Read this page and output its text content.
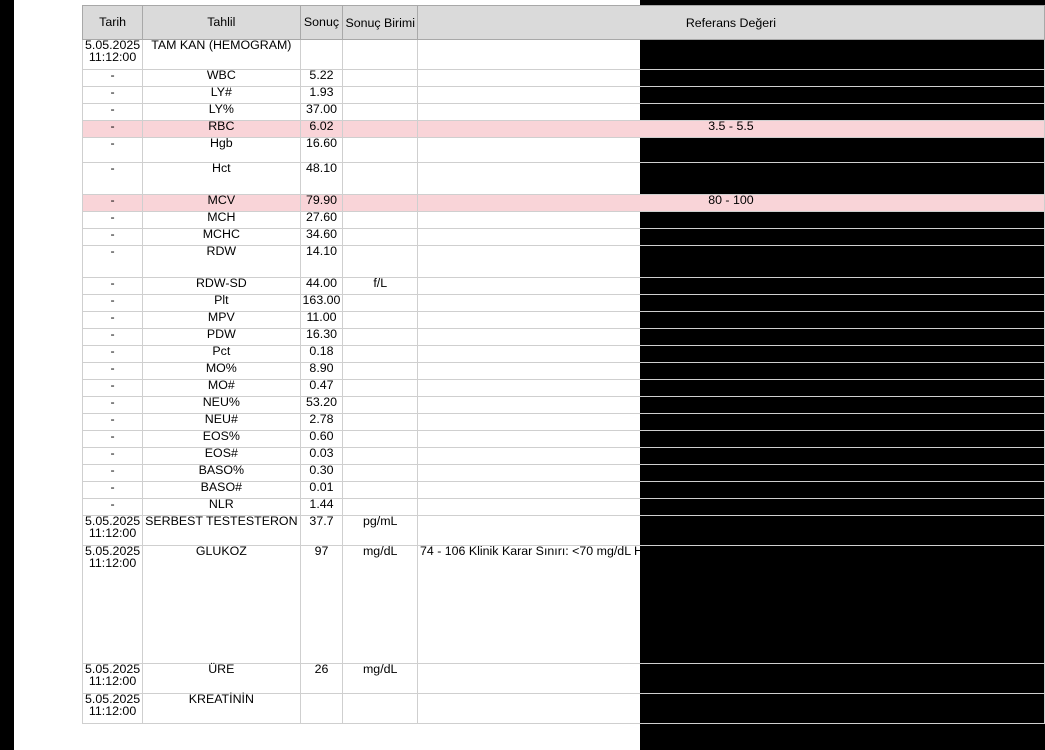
Tarih	Tahlil	Sonuç	Sonuç Birimi	Referans Değeri
5.05.2025
11:12:00	TAM KAN (HEMOGRAM)			
-	WBC	5.22		4 - 10
-	LY#	1.93		0.8 - 4
-	LY%	37.00		20 - 40
-	RBC	6.02		3.5 - 5.5
-	Hgb	16.60		11 - 18
-	Hct	48.10		32 - 54
-	MCV	79.90		80 - 100
-	MCH	27.60		27 - 34
-	MCHC	34.60		32 - 36
-	RDW	14.10		11 - 16
-	RDW-SD	44.00	f/L	35 - 56
-	Plt	163.00		100 - 400
-	MPV	11.00		6.5 - 12
-	PDW	16.30		15 - 17
-	Pct	0.18		0.1 - 0.4
-	MO%	8.90		3 - 12
-	MO#	0.47		0.12 - 1.2
-	NEU%	53.20		50 - 70
-	NEU#	2.78		2 - 7
-	EOS%	0.60		0.5 - 5
-	EOS#	0.03		0.02 - 0.50
-	BASO%	0.30		0 - 1
-	BASO#	0.01		0 - 0.1
-	NLR	1.44		0.0 - 3.13
5.05.2025
11:12:00	SERBEST TESTESTERON	37.7	pg/mL	15 - 50
5.05.2025
11:12:00	GLUKOZ	97	mg/dL	74 - 106 Klinik Karar Sınırı: <70 mg/dL Hipoglisemi, 100-125 mg/dL Bozulmuş açlık glukozu, >126 mg/dL Diyabet.
5.05.2025
11:12:00	ÜRE	26	mg/dL	16.6 - 48.5
5.05.2025
11:12:00	KREATİNİN			
